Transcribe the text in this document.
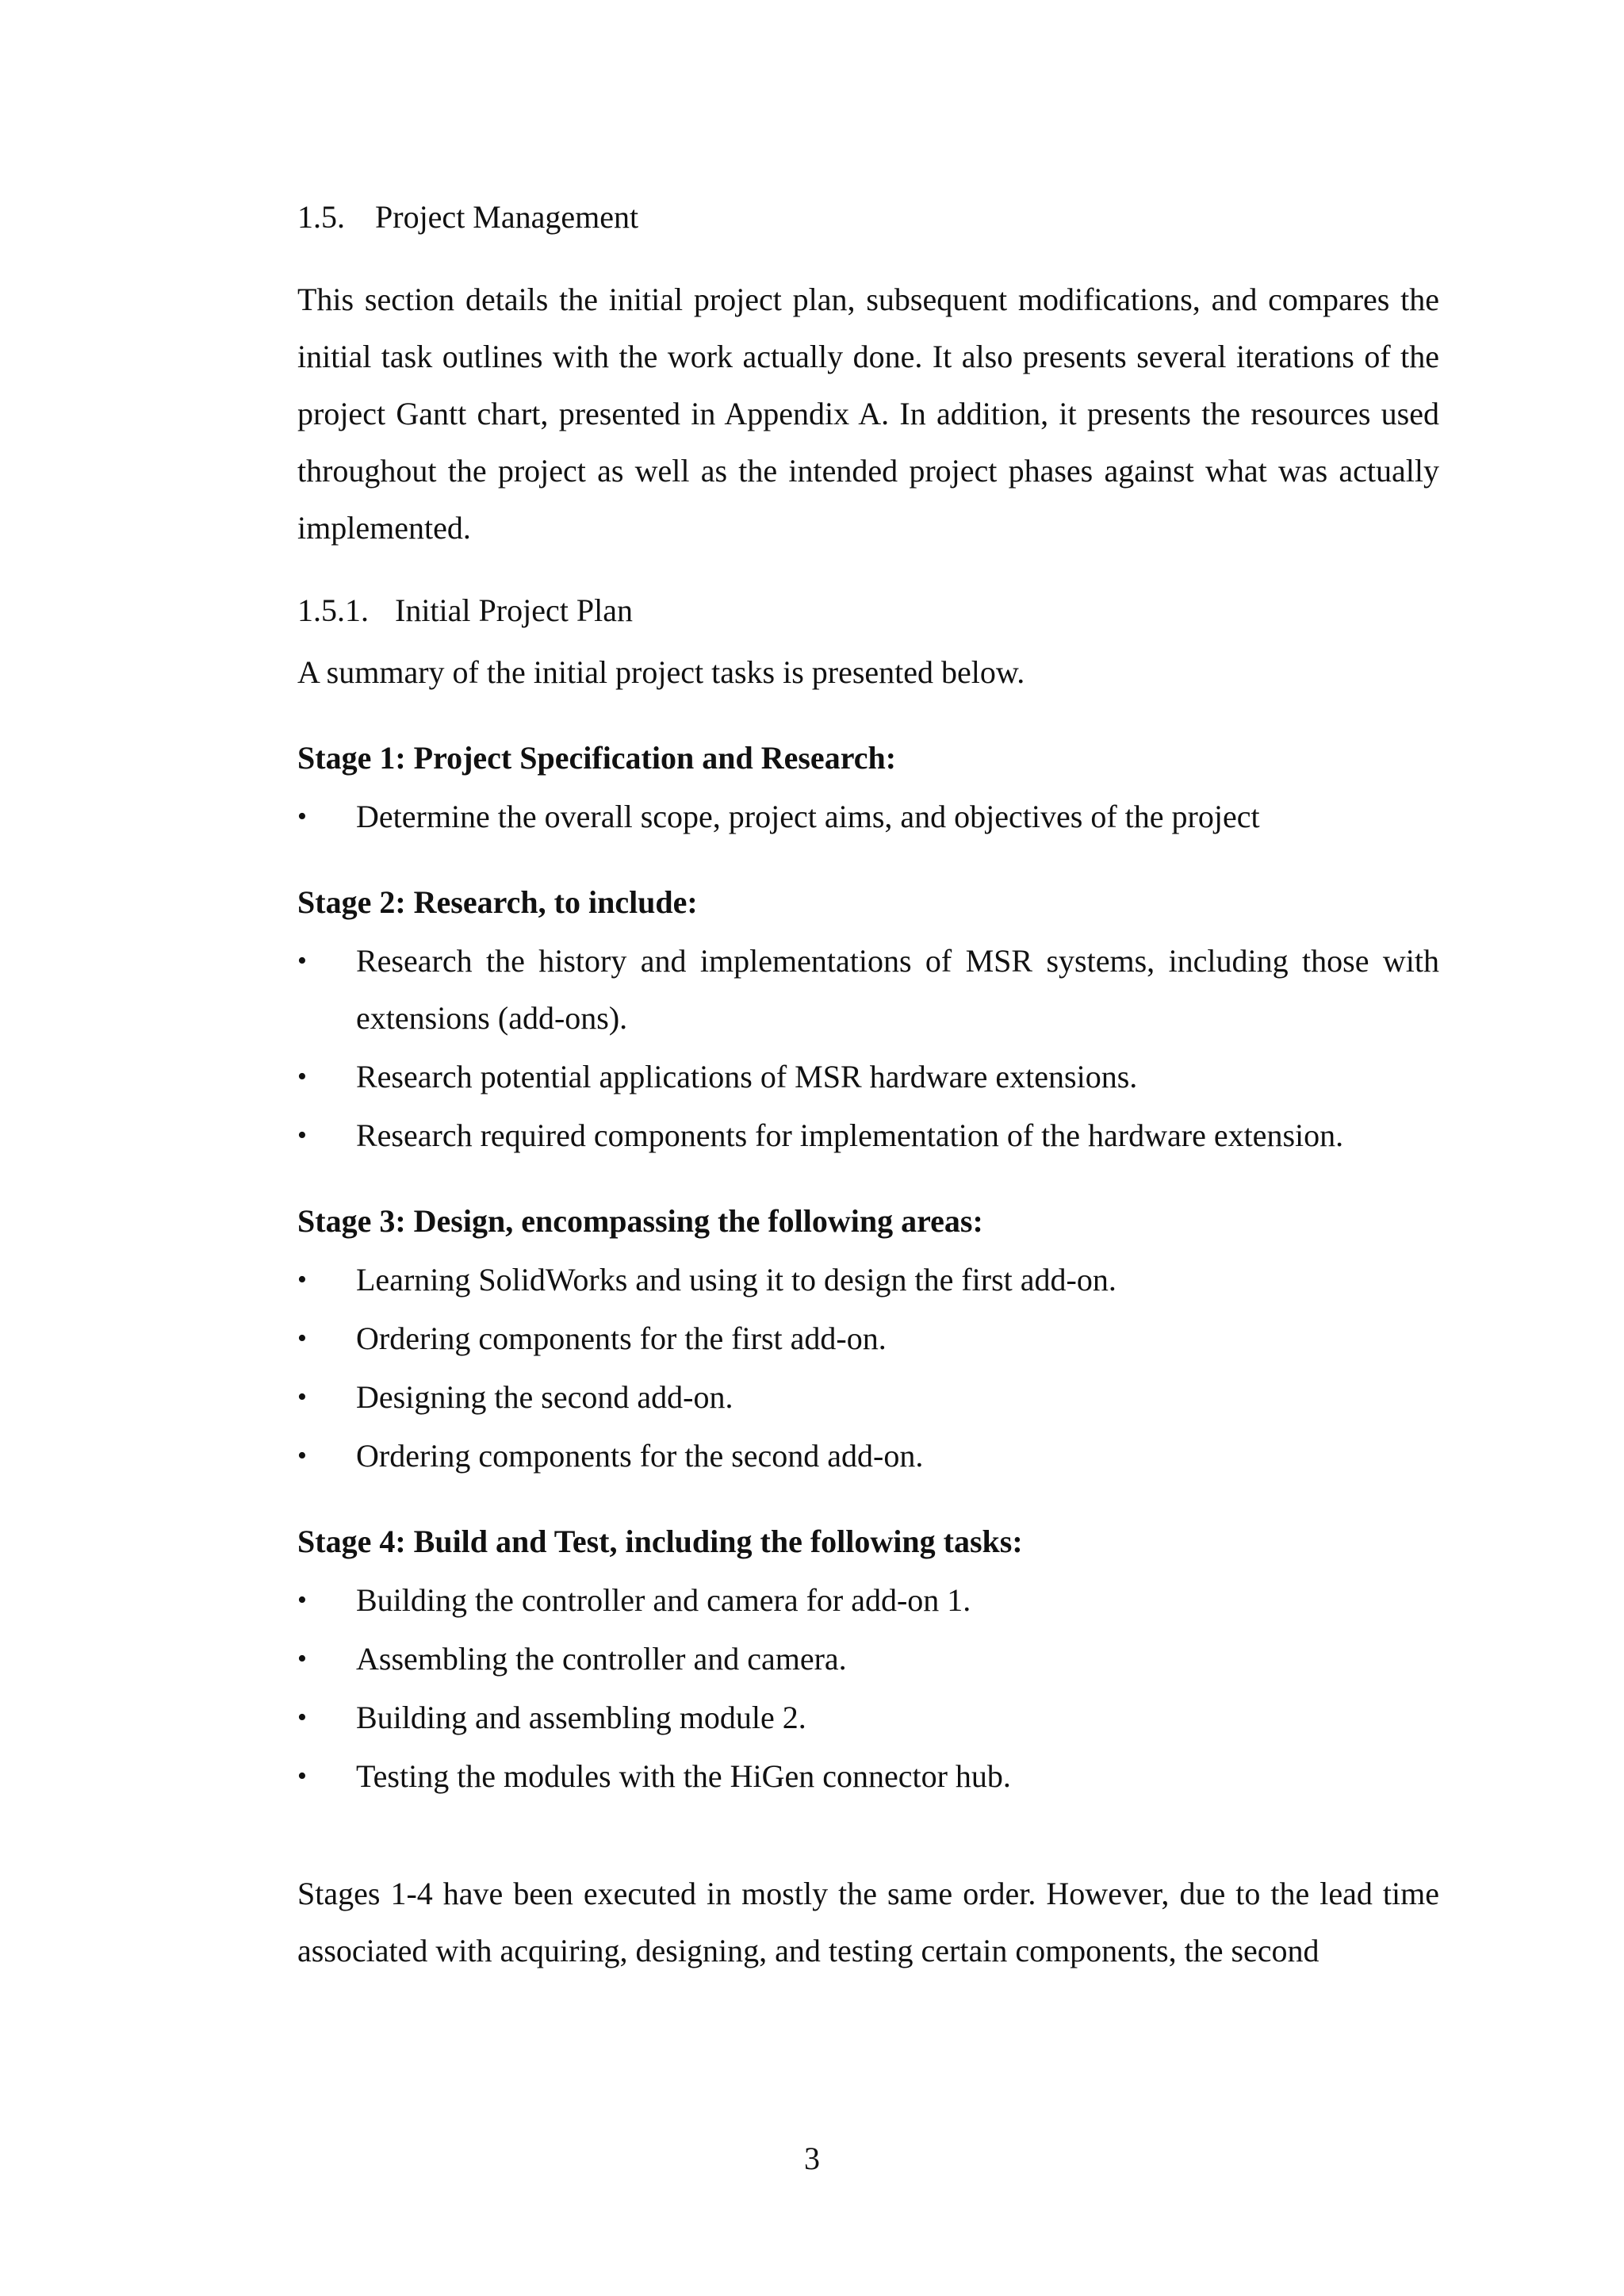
1.5. Project Management

This section details the initial project plan, subsequent modifications, and compares the initial task outlines with the work actually done. It also presents several iterations of the project Gantt chart, presented in Appendix A. In addition, it presents the resources used throughout the project as well as the intended project phases against what was actually implemented.

1.5.1. Initial Project Plan

A summary of the initial project tasks is presented below.

Stage 1: Project Specification and Research:
• Determine the overall scope, project aims, and objectives of the project
Stage 2: Research, to include:
• Research the history and implementations of MSR systems, including those with extensions (add-ons).
• Research potential applications of MSR hardware extensions.
• Research required components for implementation of the hardware extension.
Stage 3: Design, encompassing the following areas:
• Learning SolidWorks and using it to design the first add-on.
• Ordering components for the first add-on.
• Designing the second add-on.
• Ordering components for the second add-on.
Stage 4: Build and Test, including the following tasks:
• Building the controller and camera for add-on 1.
• Assembling the controller and camera.
• Building and assembling module 2.
• Testing the modules with the HiGen connector hub.

Stages 1-4 have been executed in mostly the same order. However, due to the lead time associated with acquiring, designing, and testing certain components, the second

3
